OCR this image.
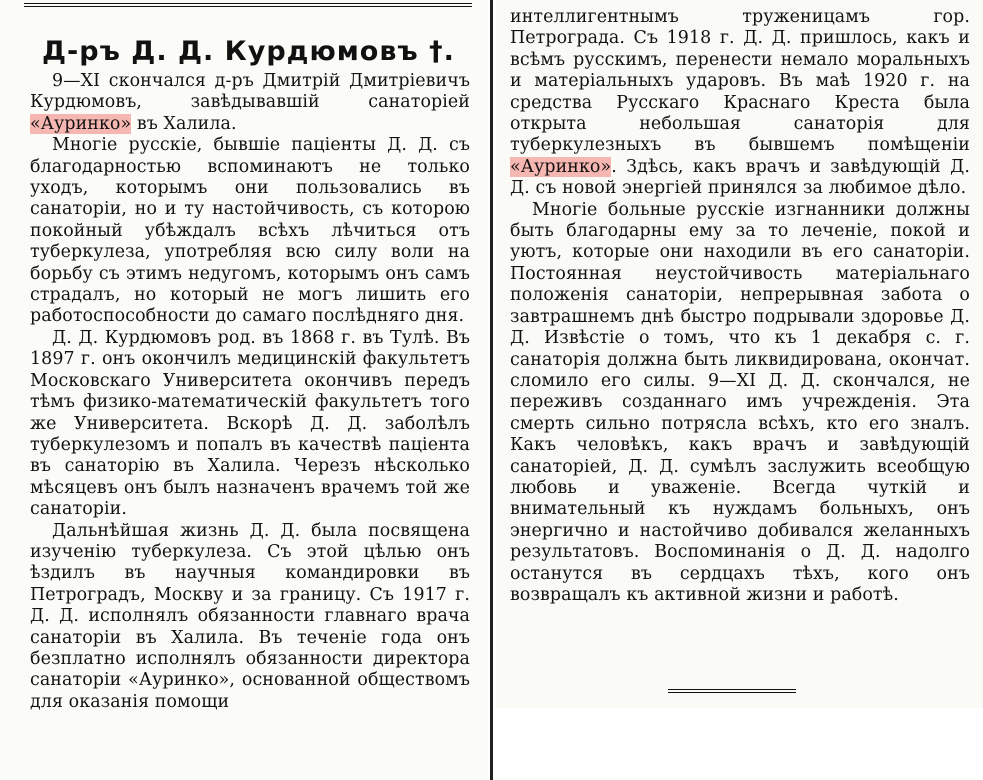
Д-ръ Д. Д. Курдюмовъ †.

9—XI скончался д-ръ Дмитрій Дмитріевичъ Курдюмовъ, завѣдывавшій санаторіей «Ауринко» въ Халила.

Многіе русскіе, бывшіе паціенты Д. Д. съ благодарностью вспоминаютъ не только уходъ, которымъ они пользовались въ санаторіи, но и ту настойчивость, съ которою покойный убѣждалъ всѣхъ лѣчиться отъ туберкулеза, употребляя всю силу воли на борьбу съ этимъ недугомъ, которымъ онъ самъ страдалъ, но который не могъ лишить его работоспособности до самаго послѣдняго дня.

Д. Д. Курдюмовъ род. въ 1868 г. въ Тулѣ. Въ 1897 г. онъ окончилъ медицинскій факультетъ Московскаго Университета окончивъ передъ тѣмъ физико-математическій факультетъ того же Университета. Вскорѣ Д. Д. заболѣлъ туберкулезомъ и попалъ въ качествѣ паціента въ санаторію въ Халила. Черезъ нѣсколько мѣсяцевъ онъ былъ назначенъ врачемъ той же санаторіи.

Дальнѣйшая жизнь Д. Д. была посвящена изученію туберкулеза. Съ этой цѣлью онъ ѣздилъ въ научныя командировки въ Петроградъ, Москву и за границу. Съ 1917 г. Д. Д. исполнялъ обязанности главнаго врача санаторіи въ Халила. Въ теченіе года онъ безплатно исполнялъ обязанности директора санаторіи «Ауринко», основанной обществомъ для оказанія помощи

интеллигентнымъ труженицамъ гор. Петрограда. Съ 1918 г. Д. Д. пришлось, какъ и всѣмъ русскимъ, перенести немало моральныхъ и матеріальныхъ ударовъ. Въ маѣ 1920 г. на средства Русскаго Краснаго Креста была открыта небольшая санаторія для туберкулезныхъ въ бывшемъ помѣщеніи «Ауринко». Здѣсь, какъ врачъ и завѣдующій Д. Д. съ новой энергіей принялся за любимое дѣло.

Многіе больные русскіе изгнанники должны быть благодарны ему за то леченіе, покой и уютъ, которые они находили въ его санаторіи. Постоянная неустойчивость матеріальнаго положенія санаторіи, непрерывная забота о завтрашнемъ днѣ быстро подрывали здоровье Д. Д. Извѣстіе о томъ, что къ 1 декабря с. г. санаторія должна быть ликвидирована, окончат. сломило его силы. 9—XI Д. Д. скончался, не переживъ созданнаго имъ учрежденія. Эта смерть сильно потрясла всѣхъ, кто его зналъ. Какъ человѣкъ, какъ врачъ и завѣдующій санаторіей, Д. Д. сумѣлъ заслужить всеобщую любовь и уваженіе. Всегда чуткій и внимательный къ нуждамъ больныхъ, онъ энергично и настойчиво добивался желанныхъ результатовъ. Воспоминанія о Д. Д. надолго останутся въ сердцахъ тѣхъ, кого онъ возвращалъ къ активной жизни и работѣ.
